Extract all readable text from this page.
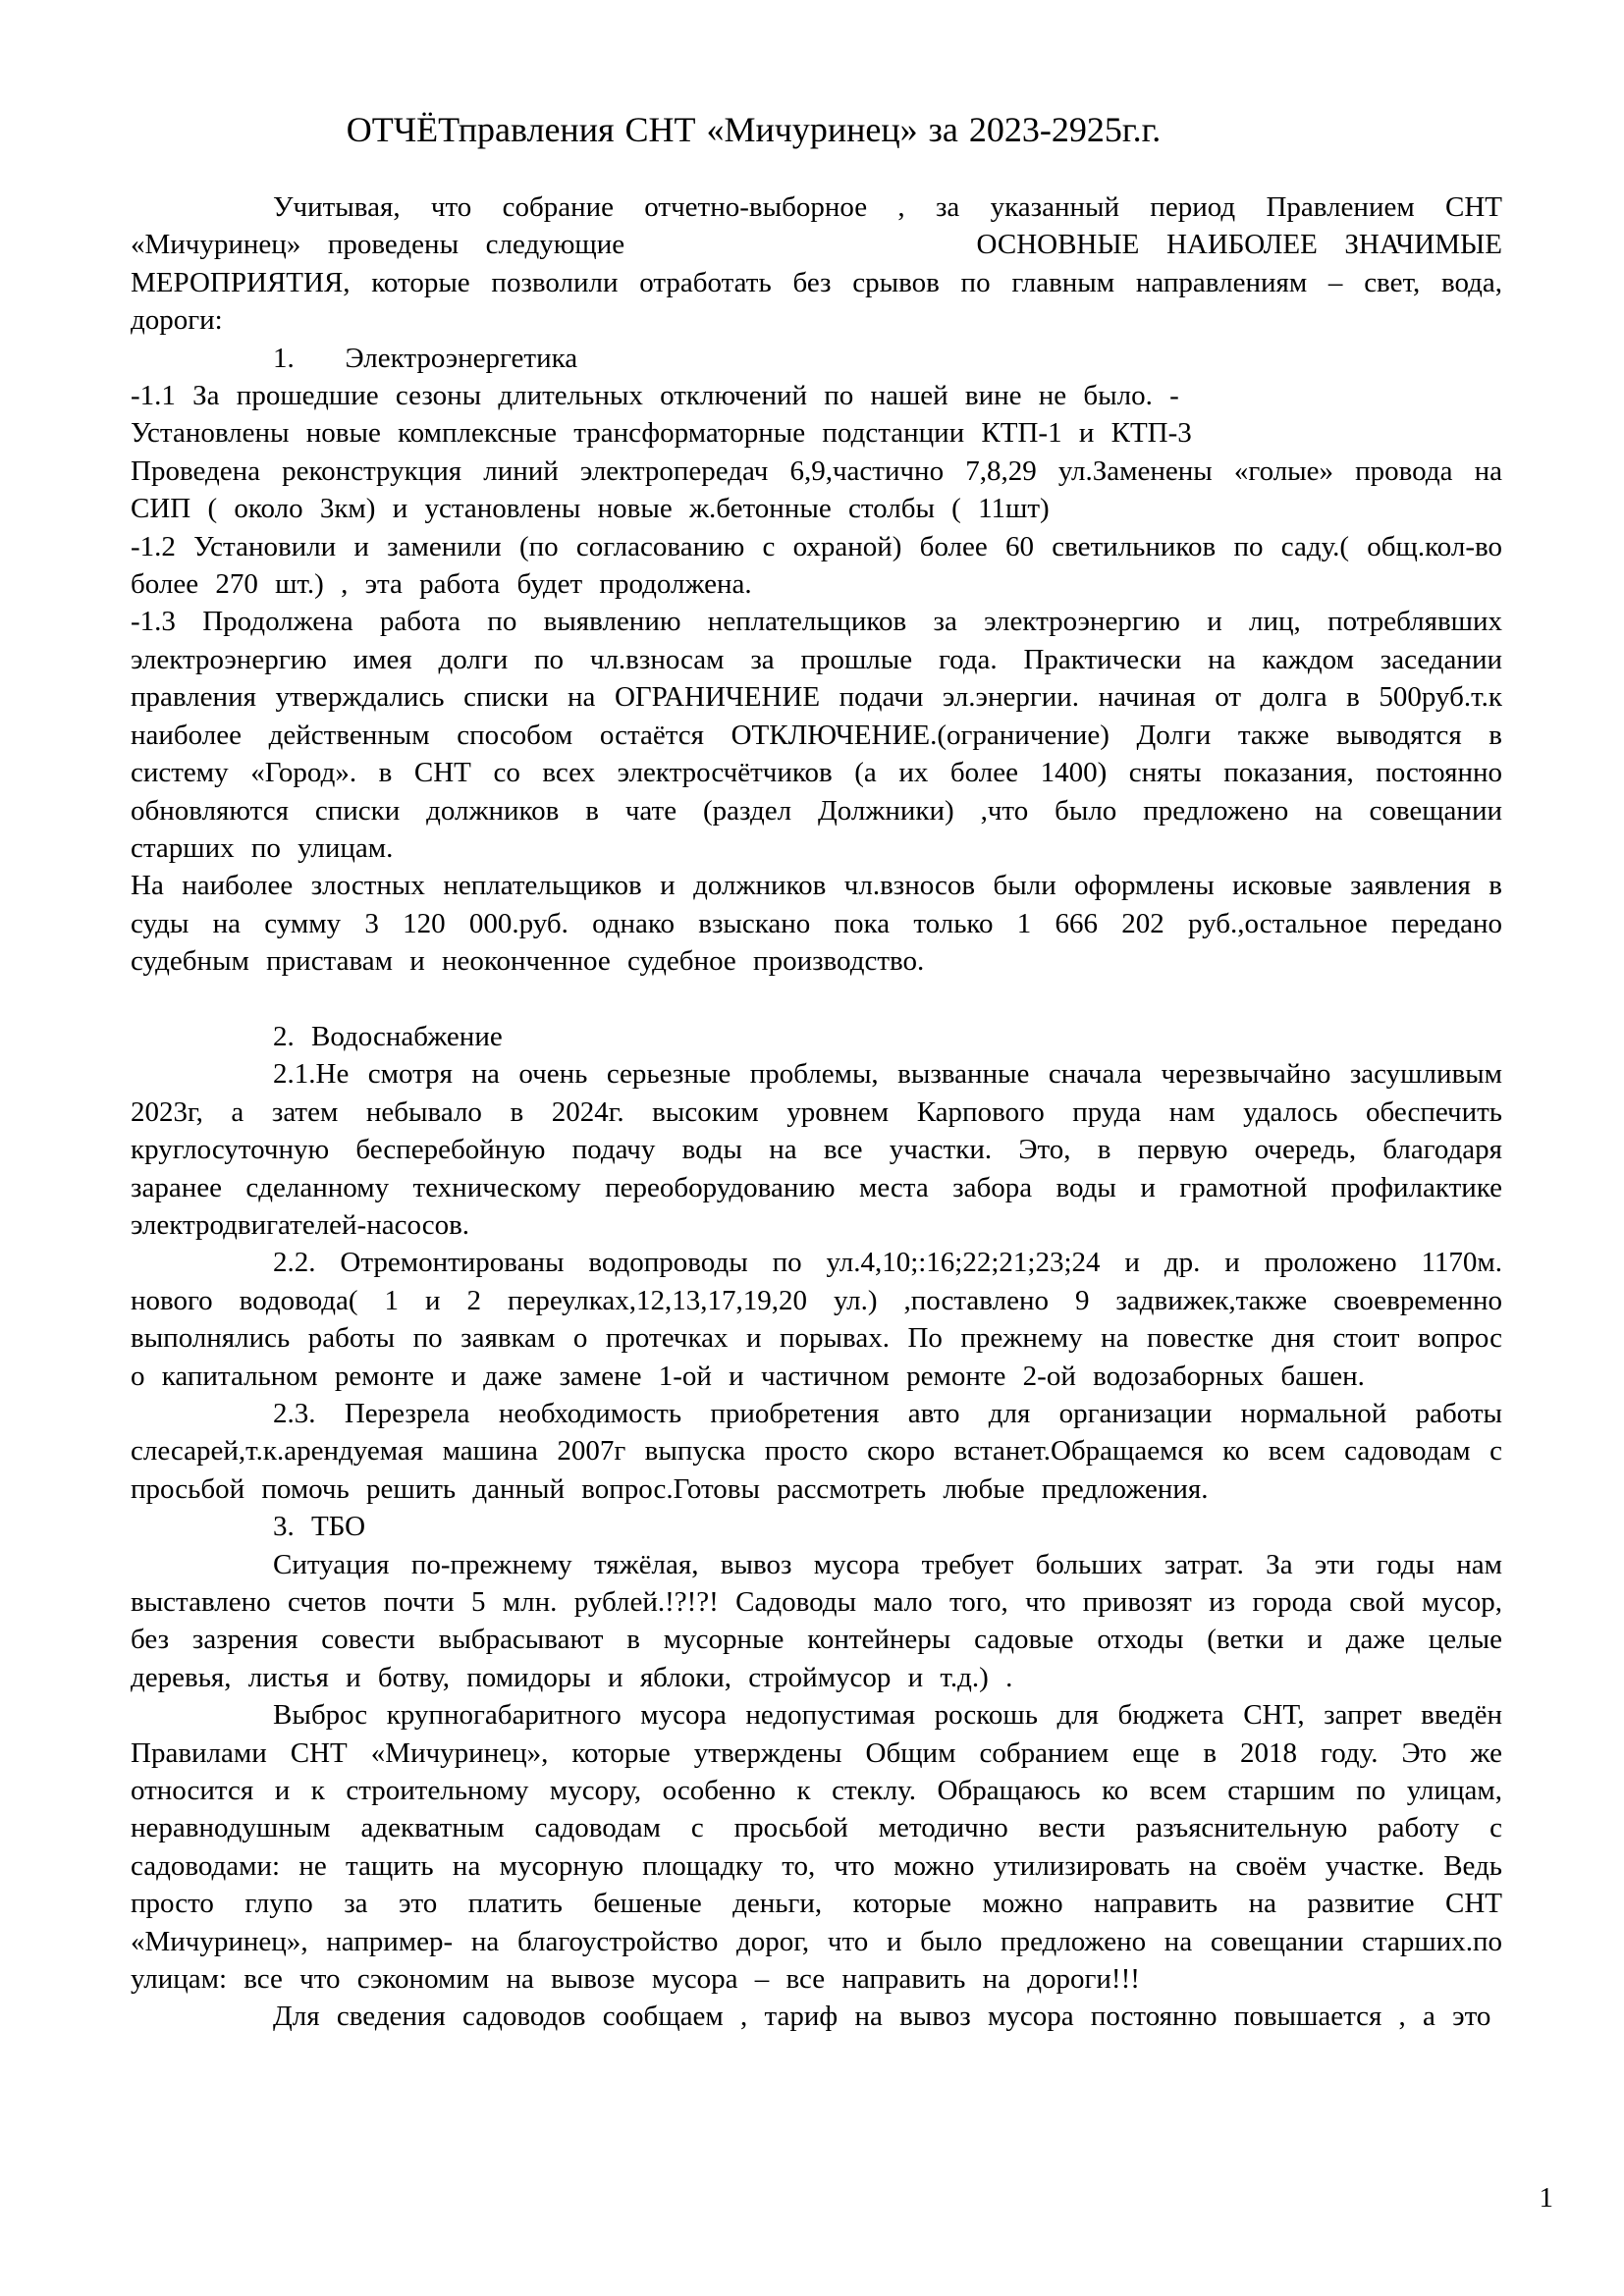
ОТЧЁТправления СНТ «Мичуринец» за 2023-2925г.г.

Учитывая, что собрание отчетно-выборное , за указанный период Правлением СНТ «Мичуринец» проведены следующие             ОСНОВНЫЕ НАИБОЛЕЕ ЗНАЧИМЫЕ МЕРОПРИЯТИЯ, которые позволили отработать без срывов по главным направлениям – свет, вода, дороги:

1.   Электроэнергетика

-1.1 За прошедшие сезоны длительных отключений по нашей вине не было. -

Установлены новые комплексные трансформаторные подстанции КТП-1 и КТП-3

Проведена реконструкция линий электропередач 6,9,частично 7,8,29 ул.Заменены «голые» провода на СИП ( около 3км) и установлены новые ж.бетонные столбы ( 11шт)

-1.2 Установили и заменили (по согласованию с охраной) более 60 светильников по саду.( общ.кол-во более 270 шт.) , эта работа будет продолжена.

-1.3 Продолжена работа по выявлению неплательщиков за электроэнергию и лиц, потреблявших электроэнергию имея долги по чл.взносам за прошлые года. Практически на каждом заседании правления утверждались списки на ОГРАНИЧЕНИЕ подачи эл.энергии. начиная от долга в 500руб.т.к наиболее действенным способом остаётся ОТКЛЮЧЕНИЕ.(ограничение) Долги также выводятся в систему «Город». в СНТ со всех электросчётчиков (а их более 1400) сняты показания, постоянно обновляются списки должников в чате (раздел Должники) ,что было предложено на совещании старших по улицам.

На наиболее злостных неплательщиков и должников чл.взносов были оформлены исковые заявления в суды на сумму 3 120 000.руб. однако взыскано пока только 1 666 202 руб.,остальное передано судебным приставам и неоконченное судебное производство.

2. Водоснабжение

2.1.Не смотря на очень серьезные проблемы, вызванные сначала черезвычайно засушливым 2023г, а затем небывало в 2024г. высоким уровнем Карпового пруда нам удалось обеспечить круглосуточную бесперебойную подачу воды на все участки. Это, в первую очередь, благодаря заранее сделанному техническому переоборудованию места забора воды и грамотной профилактике электродвигателей-насосов.

2.2. Отремонтированы водопроводы по ул.4,10;:16;22;21;23;24 и др. и проложено 1170м. нового водовода( 1 и 2 переулках,12,13,17,19,20 ул.) ,поставлено 9 задвижек,также своевременно выполнялись работы по заявкам о протечках и порывах. По прежнему на повестке дня стоит вопрос о капитальном ремонте и даже замене 1-ой и частичном ремонте 2-ой водозаборных башен.

2.3. Перезрела необходимость приобретения авто для организации нормальной работы слесарей,т.к.арендуемая машина 2007г выпуска просто скоро встанет.Обращаемся ко всем садоводам с просьбой помочь решить данный вопрос.Готовы рассмотреть любые предложения.

3. ТБО

Ситуация по-прежнему тяжёлая, вывоз мусора требует больших затрат. За эти годы нам выставлено счетов почти 5 млн. рублей.!?!?! Садоводы мало того, что привозят из города свой мусор, без зазрения совести выбрасывают в мусорные контейнеры садовые отходы (ветки и даже целые деревья, листья и ботву, помидоры и яблоки, строймусор и т.д.) .

Выброс крупногабаритного мусора недопустимая роскошь для бюджета СНТ, запрет введён Правилами СНТ «Мичуринец», которые утверждены Общим собранием еще в 2018 году. Это же относится и к строительному мусору, особенно к стеклу. Обращаюсь ко всем старшим по улицам, неравнодушным адекватным садоводам с просьбой методично вести разъяснительную работу с садоводами: не тащить на мусорную площадку то, что можно утилизировать на своём участке. Ведь просто глупо за это платить бешеные деньги, которые можно направить на развитие СНТ «Мичуринец», например- на благоустройство дорог, что и было предложено на совещании старших.по улицам: все что сэкономим на вывозе мусора – все направить на дороги!!!

Для сведения садоводов сообщаем , тариф на вывоз мусора постоянно повышается , а это

1
